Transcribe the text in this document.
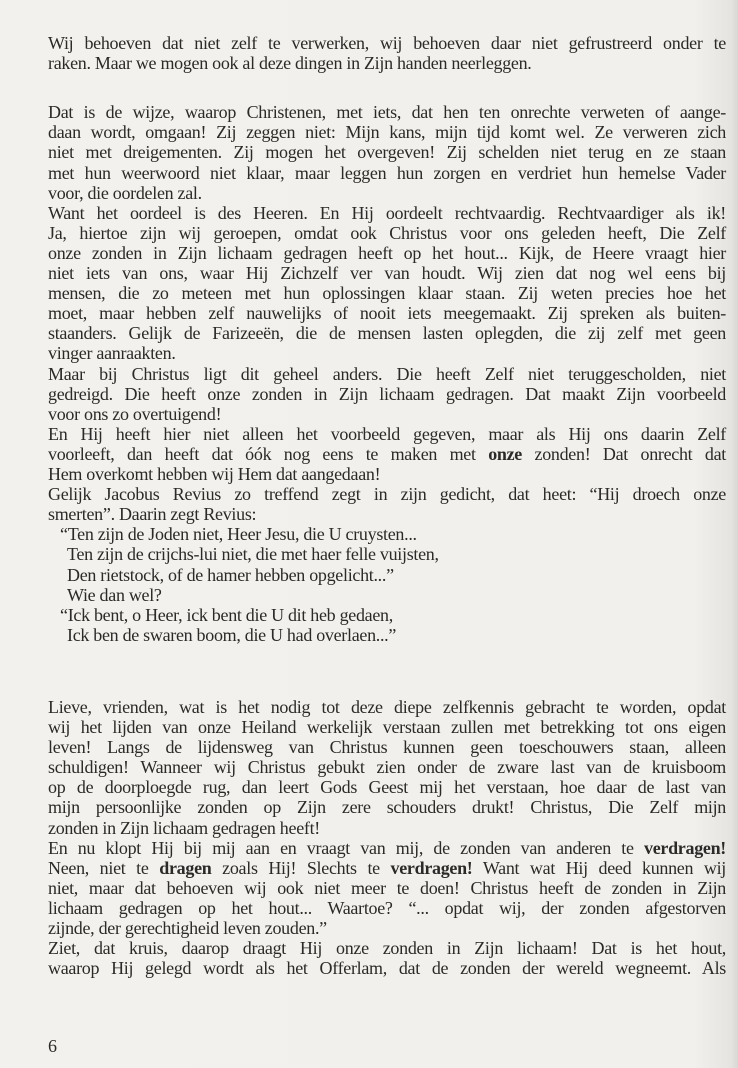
Wij behoeven dat niet zelf te verwerken, wij behoeven daar niet gefrustreerd onder te
raken. Maar we mogen ook al deze dingen in Zijn handen neerleggen.
Dat is de wijze, waarop Christenen, met iets, dat hen ten onrechte verweten of aange-
daan wordt, omgaan! Zij zeggen niet: Mijn kans, mijn tijd komt wel. Ze verweren zich
niet met dreigementen. Zij mogen het overgeven! Zij schelden niet terug en ze staan
met hun weerwoord niet klaar, maar leggen hun zorgen en verdriet hun hemelse Vader
voor, die oordelen zal.
Want het oordeel is des Heeren. En Hij oordeelt rechtvaardig. Rechtvaardiger als ik!
Ja, hiertoe zijn wij geroepen, omdat ook Christus voor ons geleden heeft, Die Zelf
onze zonden in Zijn lichaam gedragen heeft op het hout... Kijk, de Heere vraagt hier
niet iets van ons, waar Hij Zichzelf ver van houdt. Wij zien dat nog wel eens bij
mensen, die zo meteen met hun oplossingen klaar staan. Zij weten precies hoe het
moet, maar hebben zelf nauwelijks of nooit iets meegemaakt. Zij spreken als buiten-
staanders. Gelijk de Farizeeën, die de mensen lasten oplegden, die zij zelf met geen
vinger aanraakten.
Maar bij Christus ligt dit geheel anders. Die heeft Zelf niet teruggescholden, niet
gedreigd. Die heeft onze zonden in Zijn lichaam gedragen. Dat maakt Zijn voorbeeld
voor ons zo overtuigend!
En Hij heeft hier niet alleen het voorbeeld gegeven, maar als Hij ons daarin Zelf
voorleeft, dan heeft dat óók nog eens te maken met onze zonden! Dat onrecht dat
Hem overkomt hebben wij Hem dat aangedaan!
Gelijk Jacobus Revius zo treffend zegt in zijn gedicht, dat heet: “Hij droech onze
smerten”. Daarin zegt Revius:
“Ten zijn de Joden niet, Heer Jesu, die U cruysten...
Ten zijn de crijchs-lui niet, die met haer felle vuijsten,
Den rietstock, of de hamer hebben opgelicht...”
Wie dan wel?
“Ick bent, o Heer, ick bent die U dit heb gedaen,
Ick ben de swaren boom, die U had overlaen...”
Lieve, vrienden, wat is het nodig tot deze diepe zelfkennis gebracht te worden, opdat
wij het lijden van onze Heiland werkelijk verstaan zullen met betrekking tot ons eigen
leven! Langs de lijdensweg van Christus kunnen geen toeschouwers staan, alleen
schuldigen! Wanneer wij Christus gebukt zien onder de zware last van de kruisboom
op de doorploegde rug, dan leert Gods Geest mij het verstaan, hoe daar de last van
mijn persoonlijke zonden op Zijn zere schouders drukt! Christus, Die Zelf mijn
zonden in Zijn lichaam gedragen heeft!
En nu klopt Hij bij mij aan en vraagt van mij, de zonden van anderen te verdragen!
Neen, niet te dragen zoals Hij! Slechts te verdragen! Want wat Hij deed kunnen wij
niet, maar dat behoeven wij ook niet meer te doen! Christus heeft de zonden in Zijn
lichaam gedragen op het hout... Waartoe? “... opdat wij, der zonden afgestorven
zijnde, der gerechtigheid leven zouden.”
Ziet, dat kruis, daarop draagt Hij onze zonden in Zijn lichaam! Dat is het hout,
waarop Hij gelegd wordt als het Offerlam, dat de zonden der wereld wegneemt. Als
6
